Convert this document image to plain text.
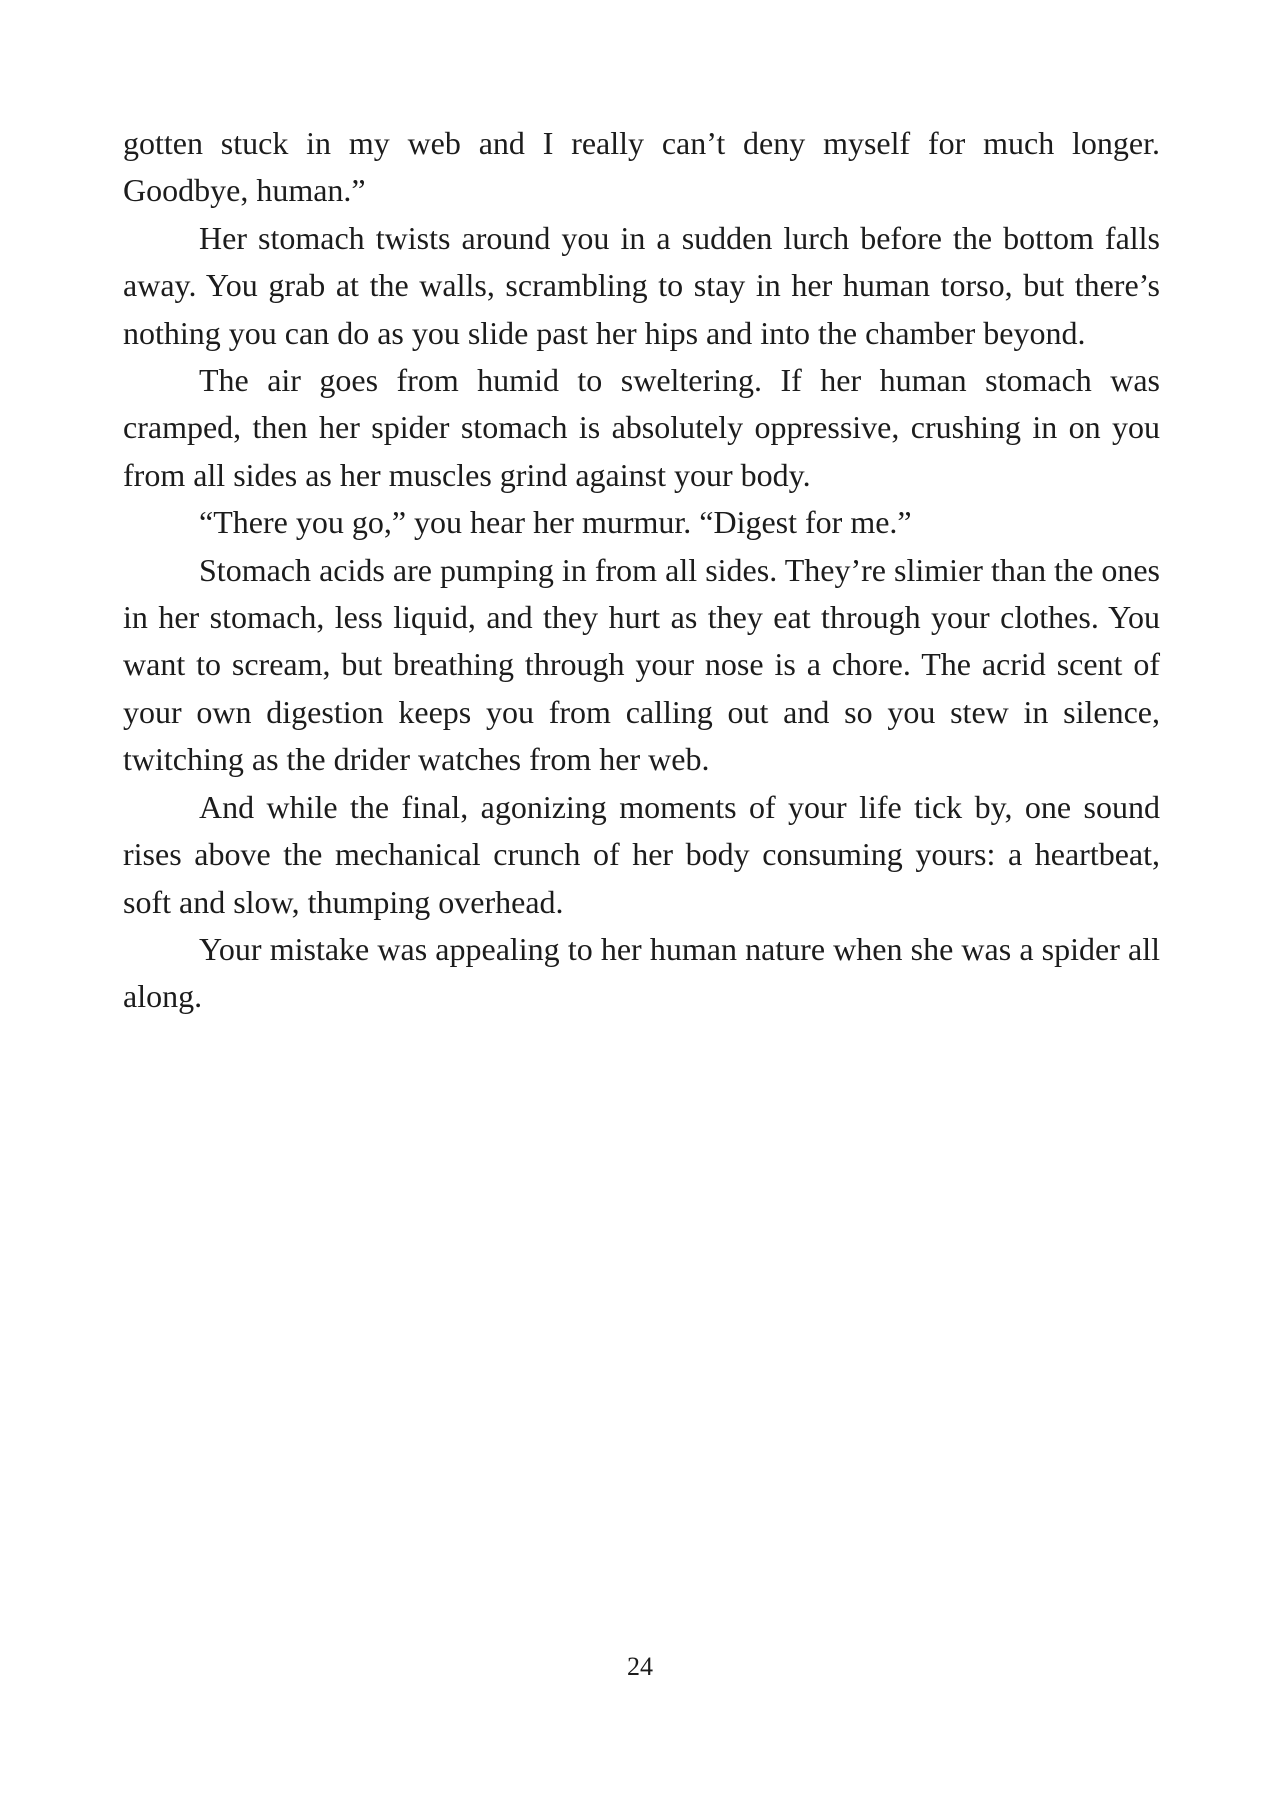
gotten stuck in my web and I really can’t deny myself for much longer. Goodbye, human.”

Her stomach twists around you in a sudden lurch before the bottom falls away. You grab at the walls, scrambling to stay in her human torso, but there’s nothing you can do as you slide past her hips and into the chamber beyond.

The air goes from humid to sweltering. If her human stomach was cramped, then her spider stomach is absolutely oppressive, crushing in on you from all sides as her muscles grind against your body.

“There you go,” you hear her murmur. “Digest for me.”

Stomach acids are pumping in from all sides. They’re slimier than the ones in her stomach, less liquid, and they hurt as they eat through your clothes. You want to scream, but breathing through your nose is a chore. The acrid scent of your own digestion keeps you from calling out and so you stew in silence, twitching as the drider watches from her web.

And while the final, agonizing moments of your life tick by, one sound rises above the mechanical crunch of her body consuming yours: a heartbeat, soft and slow, thumping overhead.

Your mistake was appealing to her human nature when she was a spider all along.

24
